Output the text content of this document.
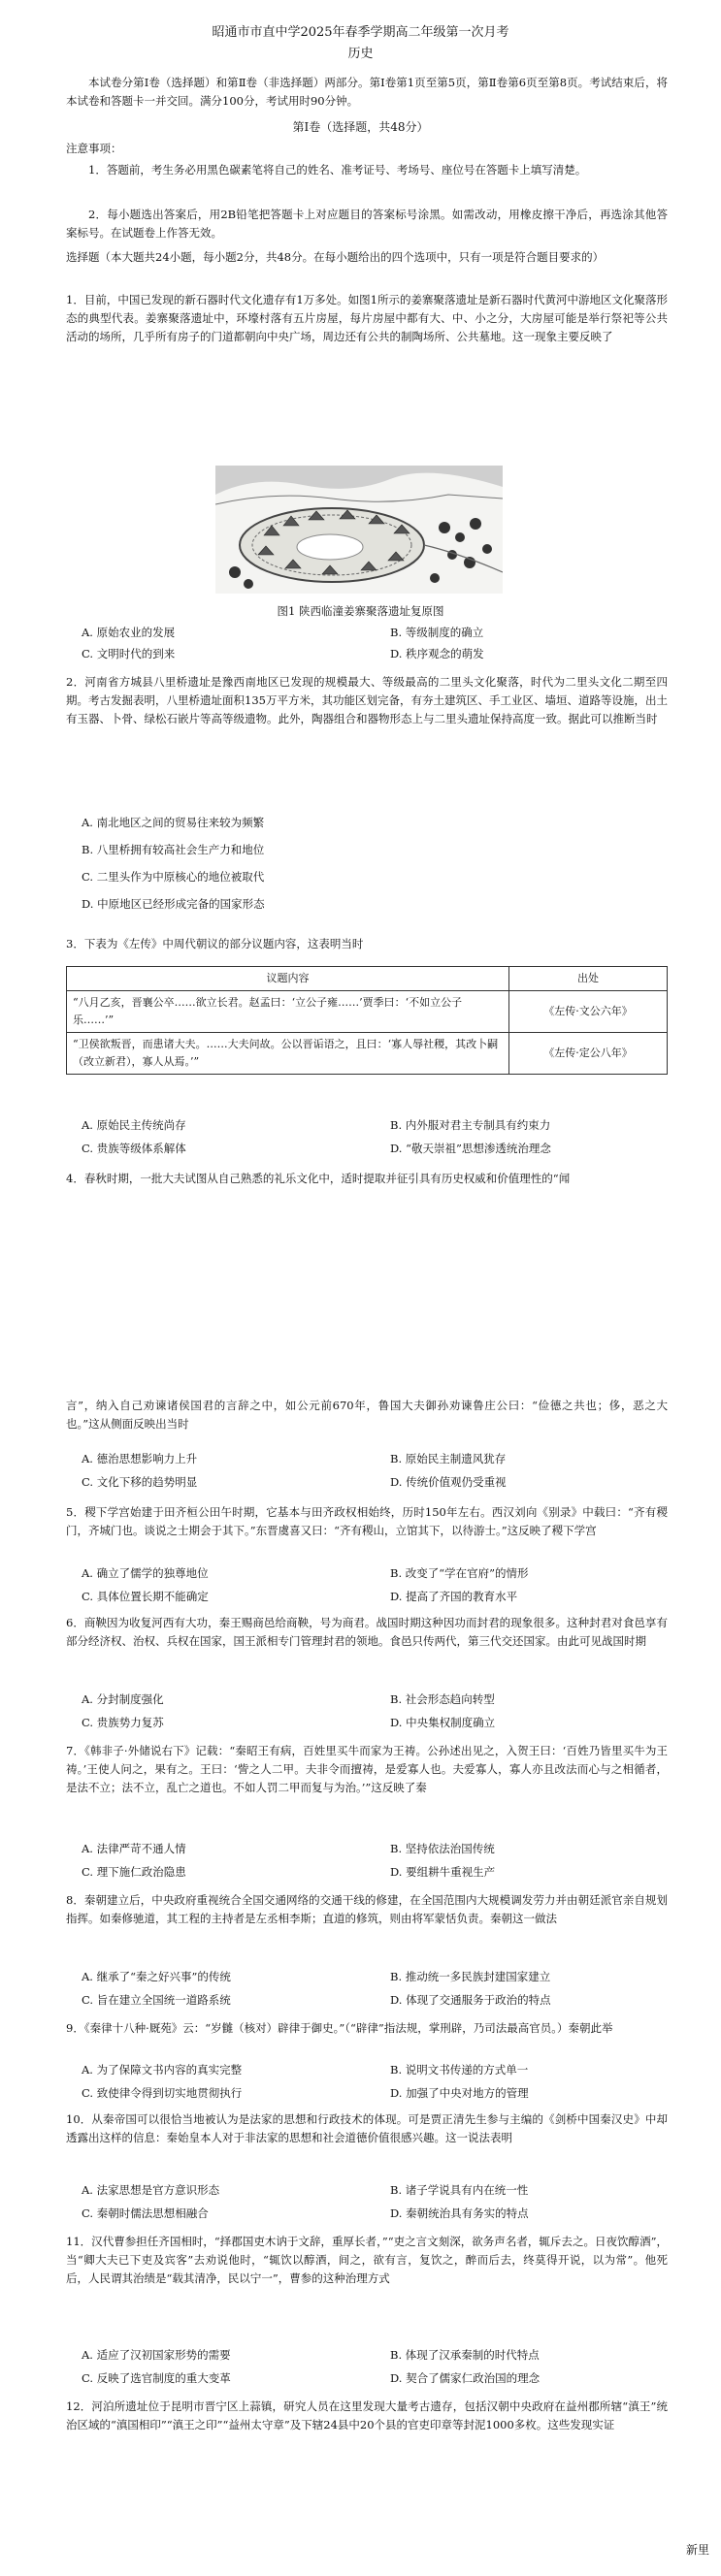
昭通市市直中学2025年春季学期高二年级第一次月考
历史

本试卷分第Ⅰ卷（选择题）和第Ⅱ卷（非选择题）两部分。第Ⅰ卷第1页至第5页，第Ⅱ卷第6页至第8页。考试结束后，将本试卷和答题卡一并交回。满分100分，考试用时90分钟。

第Ⅰ卷（选择题，共48分）

注意事项：

1．答题前，考生务必用黑色碳素笔将自己的姓名、准考证号、考场号、座位号在答题卡上填写清楚。

2．每小题选出答案后，用2B铅笔把答题卡上对应题目的答案标号涂黑。如需改动，用橡皮擦干净后，再选涂其他答案标号。在试题卷上作答无效。

选择题（本大题共24小题，每小题2分，共48分。在每小题给出的四个选项中，只有一项是符合题目要求的）

1．目前，中国已发现的新石器时代文化遗存有1万多处。如图1所示的姜寨聚落遗址是新石器时代黄河中游地区文化聚落形态的典型代表。姜寨聚落遗址中，环壕村落有五片房屋，每片房屋中都有大、中、小之分，大房屋可能是举行祭祀等公共活动的场所，几乎所有房子的门道都朝向中央广场，周边还有公共的制陶场所、公共墓地。这一现象主要反映了

图1 陕西临潼姜寨聚落遗址复原图
A. 原始农业的发展	B. 等级制度的确立
C. 文明时代的到来	D. 秩序观念的萌发

2．河南省方城县八里桥遗址是豫西南地区已发现的规模最大、等级最高的二里头文化聚落，时代为二里头文化二期至四期。考古发掘表明，八里桥遗址面积135万平方米，其功能区划完备，有夯土建筑区、手工业区、墙垣、道路等设施，出土有玉器、卜骨、绿松石嵌片等高等级遗物。此外，陶器组合和器物形态上与二里头遗址保持高度一致。据此可以推断当时

A. 南北地区之间的贸易往来较为频繁
B. 八里桥拥有较高社会生产力和地位
C. 二里头作为中原核心的地位被取代
D. 中原地区已经形成完备的国家形态

3．下表为《左传》中周代朝议的部分议题内容，这表明当时

议题内容	出处
“八月乙亥，晋襄公卒……欲立长君。赵孟曰：‘立公子雍……’贾季曰：‘不如立公子乐……’”	《左传·文公六年》
“卫侯欲叛晋，而患诸大夫。……大夫问故。公以晋诟语之，且曰：‘寡人辱社稷，其改卜嗣（改立新君），寡人从焉。’”	《左传·定公八年》
A. 原始民主传统尚存	B. 内外服对君主专制具有约束力
C. 贵族等级体系解体	D. “敬天崇祖”思想渗透统治理念

4．春秋时期，一批大夫试图从自己熟悉的礼乐文化中，适时提取并征引具有历史权威和价值理性的“闻

言”，纳入自己劝谏诸侯国君的言辞之中，如公元前670年，鲁国大夫御孙劝谏鲁庄公曰：“俭德之共也；侈，恶之大也。”这从侧面反映出当时

A. 德治思想影响力上升	B. 原始民主制遗风犹存
C. 文化下移的趋势明显	D. 传统价值观仍受重视

5．稷下学宫始建于田齐桓公田午时期，它基本与田齐政权相始终，历时150年左右。西汉刘向《别录》中载曰：“齐有稷门，齐城门也。谈说之士期会于其下。”东晋虞喜又曰：“齐有稷山，立馆其下，以待游士。”这反映了稷下学宫

A. 确立了儒学的独尊地位	B. 改变了“学在官府”的情形
C. 具体位置长期不能确定	D. 提高了齐国的教育水平

6．商鞅因为收复河西有大功，秦王赐商邑给商鞅，号为商君。战国时期这种因功而封君的现象很多。这种封君对食邑享有部分经济权、治权、兵权在国家，国王派相专门管理封君的领地。食邑只传两代，第三代交还国家。由此可见战国时期

A. 分封制度强化	B. 社会形态趋向转型
C. 贵族势力复苏	D. 中央集权制度确立

7．《韩非子·外储说右下》记载：“秦昭王有病，百姓里买牛而家为王祷。公孙述出见之，入贺王曰：‘百姓乃皆里买牛为王祷。’王使人问之，果有之。王曰：‘訾之人二甲。夫非令而擅祷，是爱寡人也。夫爱寡人，寡人亦且改法而心与之相循者，是法不立；法不立，乱亡之道也。不如人罚二甲而复与为治。’”这反映了秦

A. 法律严苛不通人情	B. 坚持依法治国传统
C. 理下施仁政治隐患	D. 要组耕牛重视生产

8．秦朝建立后，中央政府重视统合全国交通网络的交通干线的修建，在全国范围内大规模调发劳力并由朝廷派官亲自规划指挥。如秦修驰道，其工程的主持者是左丞相李斯；直道的修筑，则由将军蒙恬负责。秦朝这一做法

A. 继承了“秦之好兴事”的传统	B. 推动统一多民族封建国家建立
C. 旨在建立全国统一道路系统	D. 体现了交通服务于政治的特点

9．《秦律十八种·厩苑》云：“岁雠（核对）辟律于御史。”（“辟律”指法规，掌刑辟，乃司法最高官员。）秦朝此举

A. 为了保障文书内容的真实完整	B. 说明文书传递的方式单一
C. 致使律令得到切实地贯彻执行	D. 加强了中央对地方的管理

10．从秦帝国可以很恰当地被认为是法家的思想和行政技术的体现。可是贾正清先生参与主编的《剑桥中国秦汉史》中却透露出这样的信息：秦始皇本人对于非法家的思想和社会道德价值很感兴趣。这一说法表明

A. 法家思想是官方意识形态	B. 诸子学说具有内在统一性
C. 秦朝时儒法思想相融合	D. 秦朝统治具有务实的特点

11．汉代曹参担任齐国相时，“择郡国吏木讷于文辞，重厚长者，”“吏之言文刻深，欲务声名者，辄斥去之。日夜饮醇酒”，当“卿大夫已下吏及宾客”去劝说他时，“辄饮以醇酒，间之，欲有言，复饮之，醉而后去，终莫得开说，以为常”。他死后，人民谓其治绩是“载其清净，民以宁一”，曹参的这种治理方式

A. 适应了汉初国家形势的需要	B. 体现了汉承秦制的时代特点
C. 反映了选官制度的重大变革	D. 契合了儒家仁政治国的理念

12．河泊所遗址位于昆明市晋宁区上蒜镇，研究人员在这里发现大量考古遗存，包括汉朝中央政府在益州郡所辖“滇王”统治区域的“滇国相印”“滇王之印”“益州太守章”及下辖24县中20个县的官吏印章等封泥1000多枚。这些发现实证

新里
